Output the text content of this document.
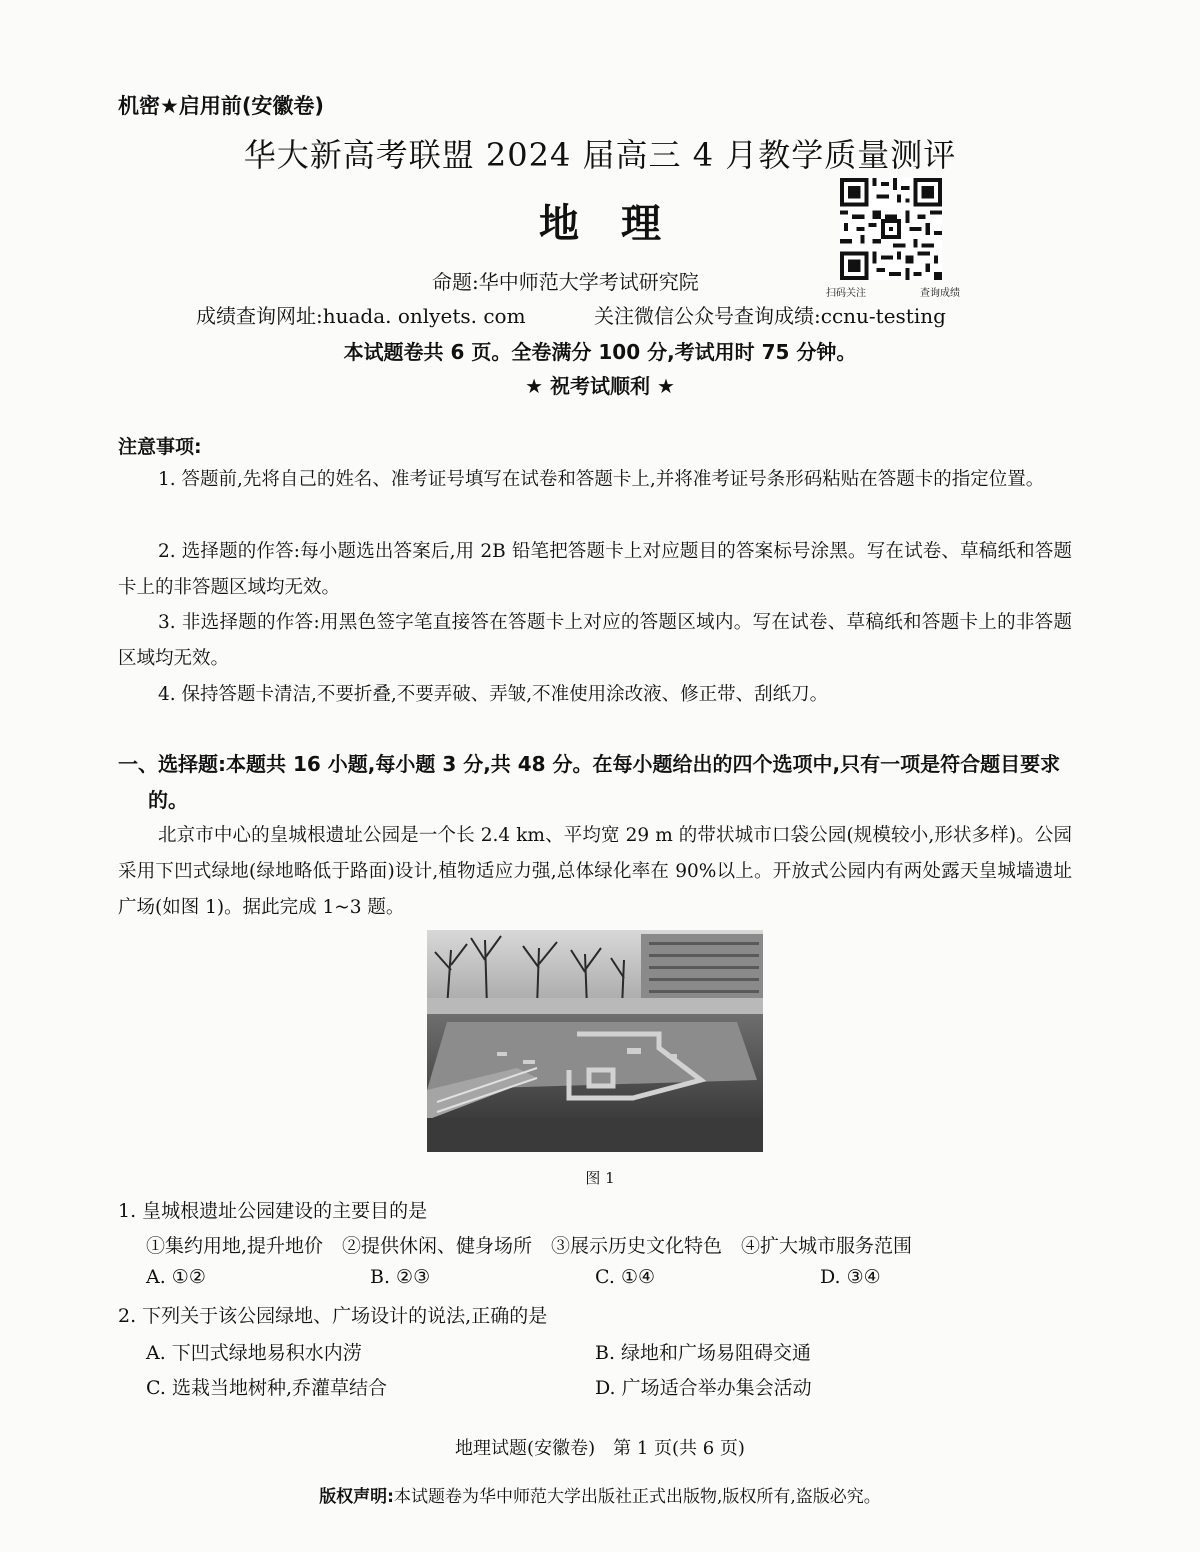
机密★启用前(安徽卷)
华大新高考联盟 2024 届高三 4 月教学质量测评
地理
扫码关注	查询成绩
命题:华中师范大学考试研究院
成绩查询网址:huada. onlyets. com	关注微信公众号查询成绩:ccnu-testing
本试题卷共 6 页。全卷满分 100 分,考试用时 75 分钟。
★ 祝考试顺利 ★
注意事项:
1. 答题前,先将自己的姓名、准考证号填写在试卷和答题卡上,并将准考证号条形码粘贴在答题卡的指定位置。
2. 选择题的作答:每小题选出答案后,用 2B 铅笔把答题卡上对应题目的答案标号涂黑。写在试卷、草稿纸和答题卡上的非答题区域均无效。
3. 非选择题的作答:用黑色签字笔直接答在答题卡上对应的答题区域内。写在试卷、草稿纸和答题卡上的非答题区域均无效。
4. 保持答题卡清洁,不要折叠,不要弄破、弄皱,不准使用涂改液、修正带、刮纸刀。
一、选择题:本题共 16 小题,每小题 3 分,共 48 分。在每小题给出的四个选项中,只有一项是符合题目要求的。
北京市中心的皇城根遗址公园是一个长 2.4 km、平均宽 29 m 的带状城市口袋公园(规模较小,形状多样)。公园采用下凹式绿地(绿地略低于路面)设计,植物适应力强,总体绿化率在 90%以上。开放式公园内有两处露天皇城墙遗址广场(如图 1)。据此完成 1~3 题。
图 1
1. 皇城根遗址公园建设的主要目的是
①集约用地,提升地价　②提供休闲、健身场所　③展示历史文化特色　④扩大城市服务范围
A. ①②	B. ②③	C. ①④	D. ③④
2. 下列关于该公园绿地、广场设计的说法,正确的是
A. 下凹式绿地易积水内涝	B. 绿地和广场易阻碍交通
C. 选栽当地树种,乔灌草结合	D. 广场适合举办集会活动
地理试题(安徽卷)　第 1 页(共 6 页)
版权声明:本试题卷为华中师范大学出版社正式出版物,版权所有,盗版必究。
